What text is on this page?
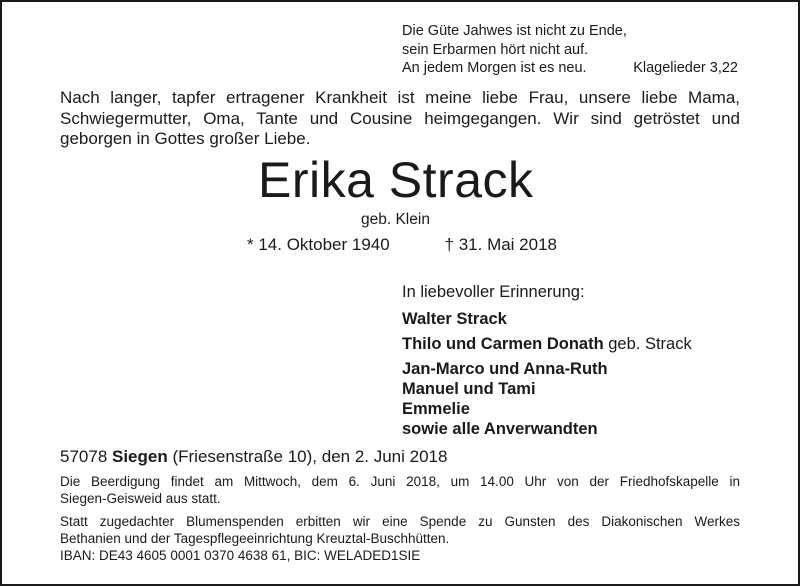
Die Güte Jahwes ist nicht zu Ende,
sein Erbarmen hört nicht auf.
An jedem Morgen ist es neu.	Klagelieder 3,22
Nach langer, tapfer ertragener Krankheit ist meine liebe Frau, unsere liebe Mama,
Schwiegermutter, Oma, Tante und Cousine heimgegangen. Wir sind getröstet und
geborgen in Gottes großer Liebe.
Erika Strack
geb. Klein
* 14. Oktober 1940	† 31. Mai 2018
In liebevoller Erinnerung:
Walter Strack
Thilo und Carmen Donath geb. Strack
Jan-Marco und Anna-Ruth
Manuel und Tami
Emmelie
sowie alle Anverwandten
57078 Siegen (Friesenstraße 10), den 2. Juni 2018
Die Beerdigung findet am Mittwoch, dem 6. Juni 2018, um 14.00 Uhr von der Friedhofskapelle in
Siegen-Geisweid aus statt.
Statt zugedachter Blumenspenden erbitten wir eine Spende zu Gunsten des Diakonischen Werkes
Bethanien und der Tagespflegeeinrichtung Kreuztal-Buschhütten.
IBAN: DE43 4605 0001 0370 4638 61, BIC: WELADED1SIE
